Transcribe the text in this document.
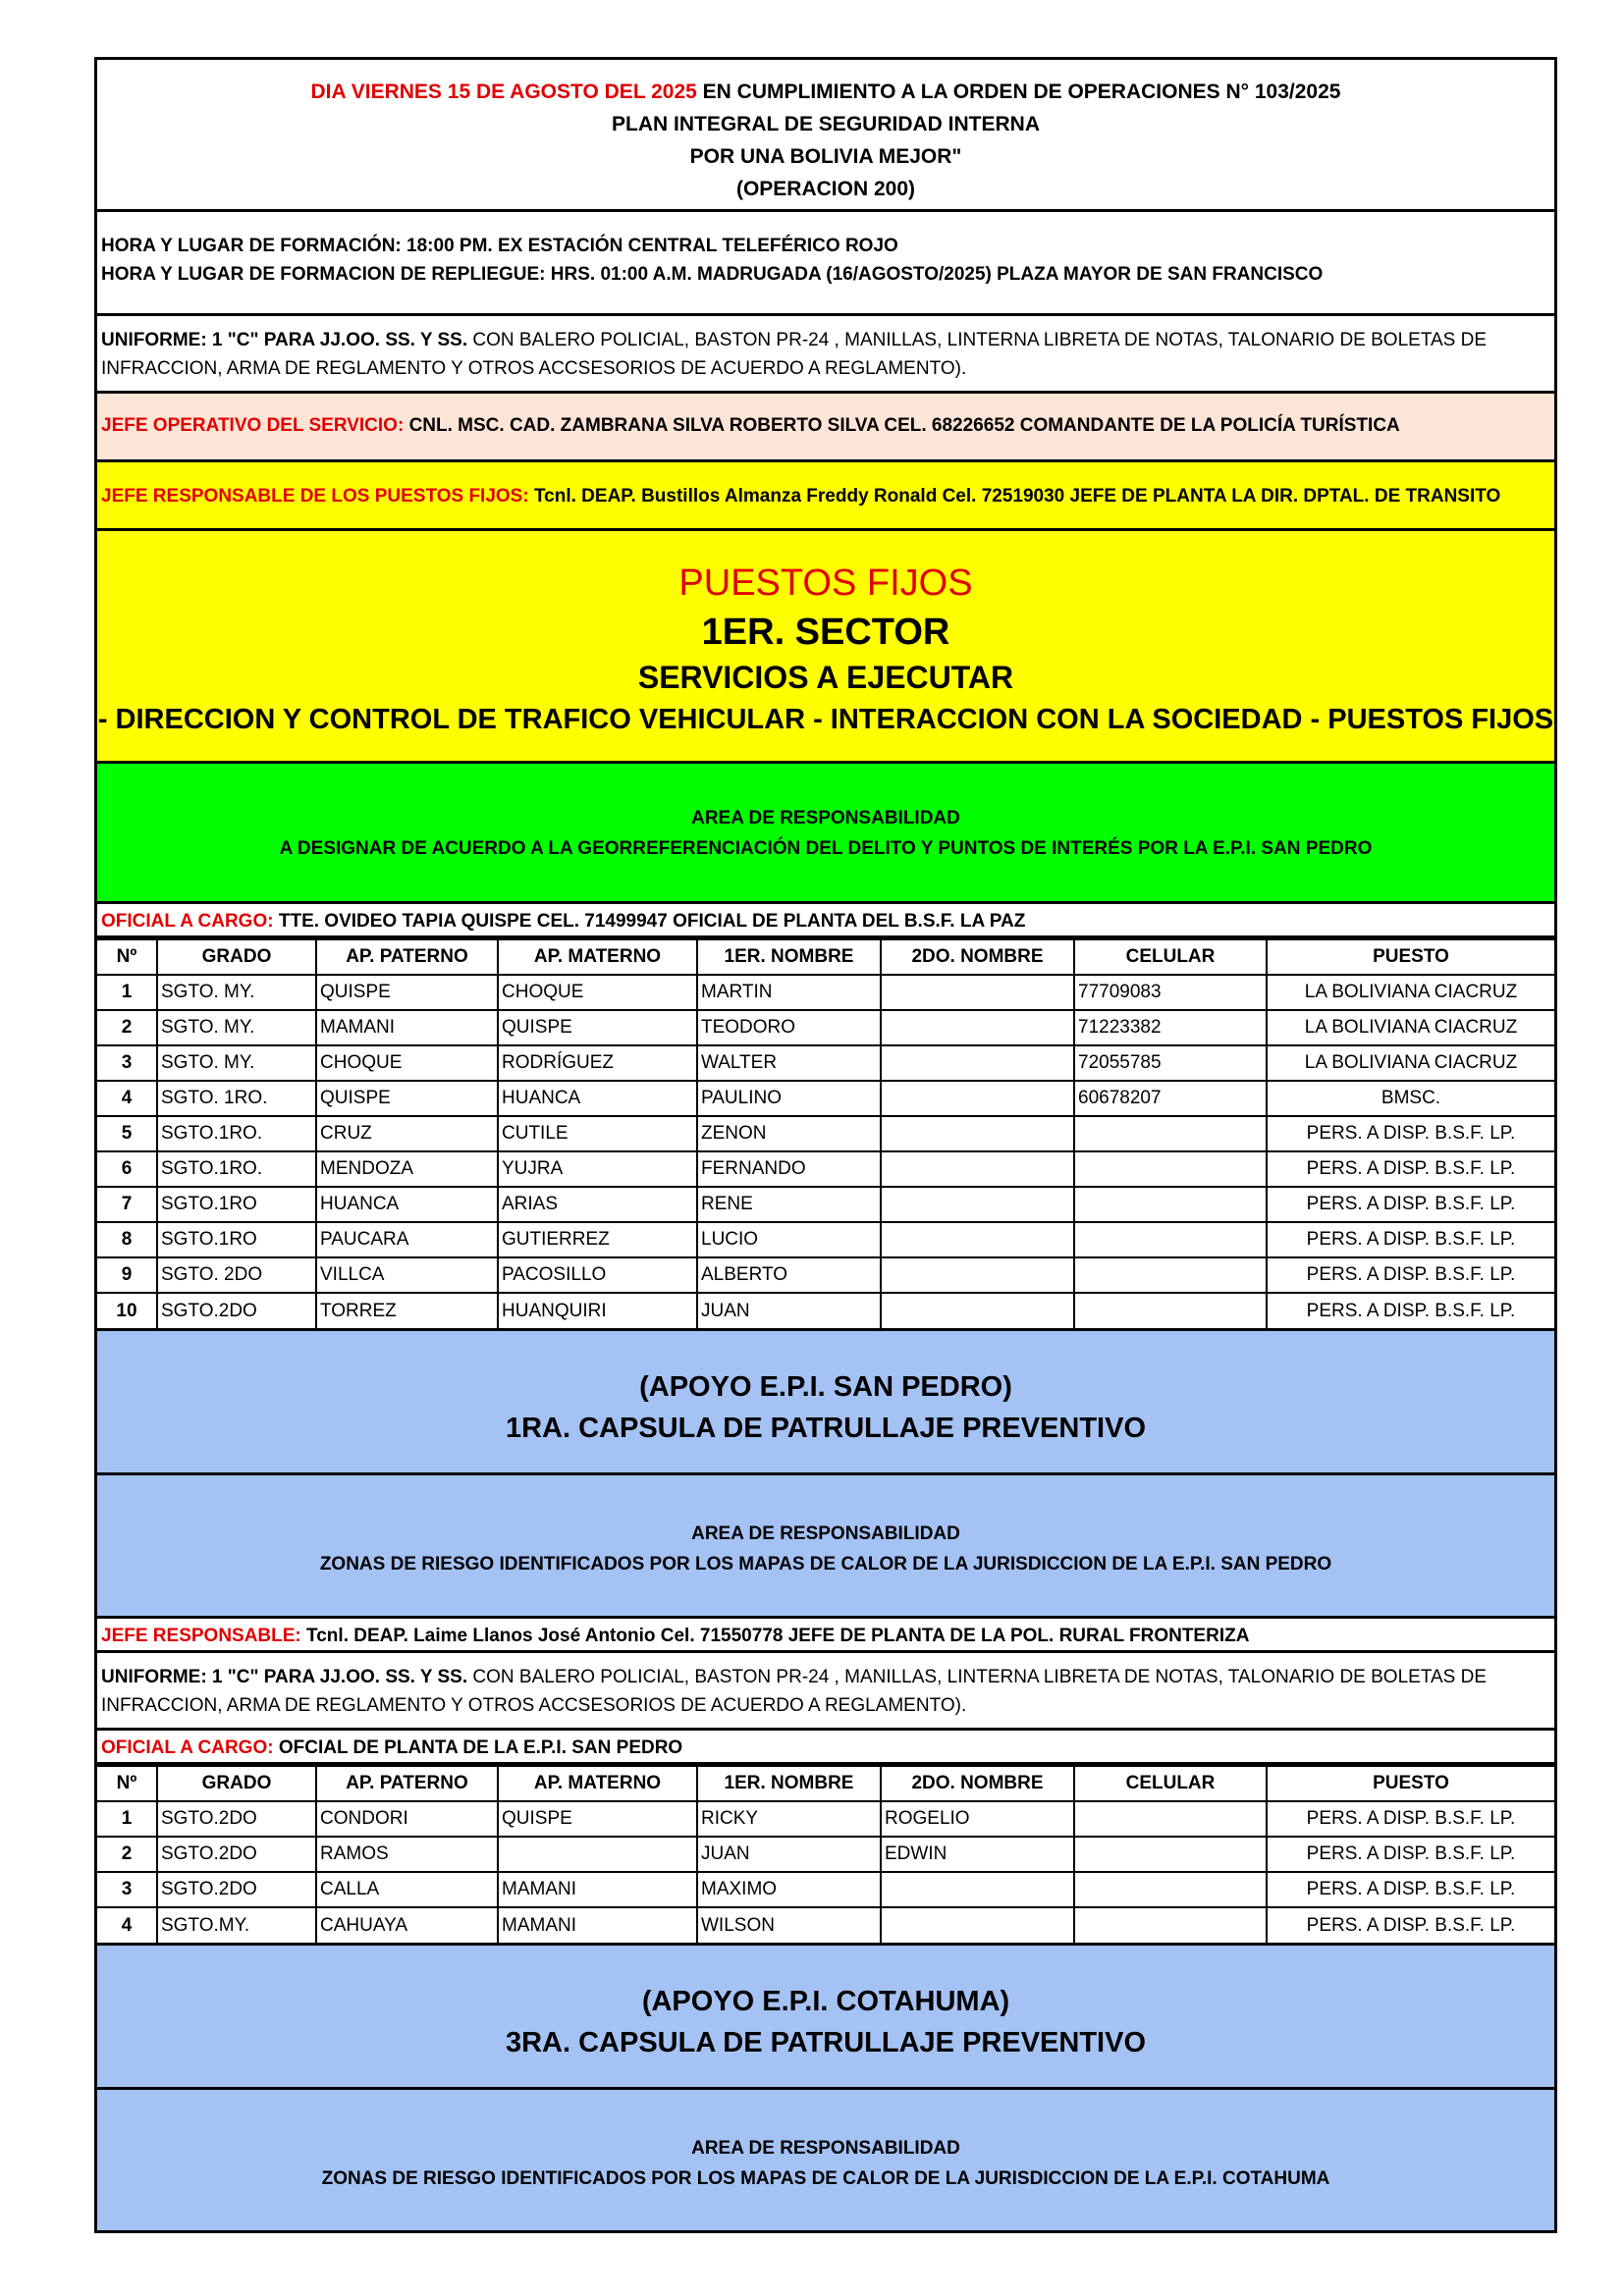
DIA VIERNES 15 DE AGOSTO DEL 2025 EN CUMPLIMIENTO A LA ORDEN DE OPERACIONES N° 103/2025
PLAN INTEGRAL DE SEGURIDAD INTERNA
POR UNA BOLIVIA MEJOR"
(OPERACION 200)
HORA Y LUGAR DE FORMACIÓN: 18:00 PM. EX ESTACIÓN CENTRAL TELEFÉRICO ROJO
HORA Y LUGAR DE FORMACION DE REPLIEGUE: HRS. 01:00 A.M. MADRUGADA (16/AGOSTO/2025) PLAZA MAYOR DE SAN FRANCISCO
UNIFORME: 1 "C" PARA JJ.OO. SS. Y SS. CON BALERO POLICIAL, BASTON PR-24 , MANILLAS, LINTERNA LIBRETA DE NOTAS, TALONARIO DE BOLETAS DE INFRACCION, ARMA DE REGLAMENTO Y OTROS ACCSESORIOS DE ACUERDO A REGLAMENTO).
JEFE OPERATIVO DEL SERVICIO: CNL. MSC. CAD. ZAMBRANA SILVA ROBERTO SILVA CEL. 68226652 COMANDANTE DE LA POLICÍA TURÍSTICA
JEFE RESPONSABLE DE LOS PUESTOS FIJOS: Tcnl. DEAP. Bustillos Almanza Freddy Ronald Cel. 72519030 JEFE DE PLANTA LA DIR. DPTAL. DE TRANSITO
PUESTOS FIJOS
1ER. SECTOR
SERVICIOS A EJECUTAR
- DIRECCION Y CONTROL DE TRAFICO VEHICULAR - INTERACCION CON LA SOCIEDAD - PUESTOS FIJOS
AREA DE RESPONSABILIDAD
A DESIGNAR DE ACUERDO A LA GEORREFERENCIACIÓN DEL DELITO Y PUNTOS DE INTERÉS POR LA E.P.I. SAN PEDRO
OFICIAL A CARGO: TTE. OVIDEO TAPIA QUISPE CEL. 71499947 OFICIAL DE PLANTA DEL B.S.F. LA PAZ
Nº	GRADO	AP. PATERNO	AP. MATERNO	1ER. NOMBRE	2DO. NOMBRE	CELULAR	PUESTO
1	SGTO. MY.	QUISPE	CHOQUE	MARTIN		77709083	LA BOLIVIANA CIACRUZ
2	SGTO. MY.	MAMANI	QUISPE	TEODORO		71223382	LA BOLIVIANA CIACRUZ
3	SGTO. MY.	CHOQUE	RODRÍGUEZ	WALTER		72055785	LA BOLIVIANA CIACRUZ
4	SGTO. 1RO.	QUISPE	HUANCA	PAULINO		60678207	BMSC.
5	SGTO.1RO.	CRUZ	CUTILE	ZENON			PERS. A DISP. B.S.F. LP.
6	SGTO.1RO.	MENDOZA	YUJRA	FERNANDO			PERS. A DISP. B.S.F. LP.
7	SGTO.1RO	HUANCA	ARIAS	RENE			PERS. A DISP. B.S.F. LP.
8	SGTO.1RO	PAUCARA	GUTIERREZ	LUCIO			PERS. A DISP. B.S.F. LP.
9	SGTO. 2DO	VILLCA	PACOSILLO	ALBERTO			PERS. A DISP. B.S.F. LP.
10	SGTO.2DO	TORREZ	HUANQUIRI	JUAN			PERS. A DISP. B.S.F. LP.
(APOYO E.P.I. SAN PEDRO)
1RA. CAPSULA DE PATRULLAJE PREVENTIVO
AREA DE RESPONSABILIDAD
ZONAS DE RIESGO IDENTIFICADOS POR LOS MAPAS DE CALOR DE LA JURISDICCION DE LA E.P.I. SAN PEDRO
JEFE RESPONSABLE: Tcnl. DEAP. Laime Llanos José Antonio Cel. 71550778 JEFE DE PLANTA DE LA POL. RURAL FRONTERIZA
UNIFORME: 1 "C" PARA JJ.OO. SS. Y SS. CON BALERO POLICIAL, BASTON PR-24 , MANILLAS, LINTERNA LIBRETA DE NOTAS, TALONARIO DE BOLETAS DE INFRACCION, ARMA DE REGLAMENTO Y OTROS ACCSESORIOS DE ACUERDO A REGLAMENTO).
OFICIAL A CARGO: OFCIAL DE PLANTA DE LA E.P.I. SAN PEDRO
Nº	GRADO	AP. PATERNO	AP. MATERNO	1ER. NOMBRE	2DO. NOMBRE	CELULAR	PUESTO
1	SGTO.2DO	CONDORI	QUISPE	RICKY	ROGELIO		PERS. A DISP. B.S.F. LP.
2	SGTO.2DO	RAMOS		JUAN	EDWIN		PERS. A DISP. B.S.F. LP.
3	SGTO.2DO	CALLA	MAMANI	MAXIMO			PERS. A DISP. B.S.F. LP.
4	SGTO.MY.	CAHUAYA	MAMANI	WILSON			PERS. A DISP. B.S.F. LP.
(APOYO E.P.I. COTAHUMA)
3RA. CAPSULA DE PATRULLAJE PREVENTIVO
AREA DE RESPONSABILIDAD
ZONAS DE RIESGO IDENTIFICADOS POR LOS MAPAS DE CALOR DE LA JURISDICCION DE LA E.P.I. COTAHUMA
